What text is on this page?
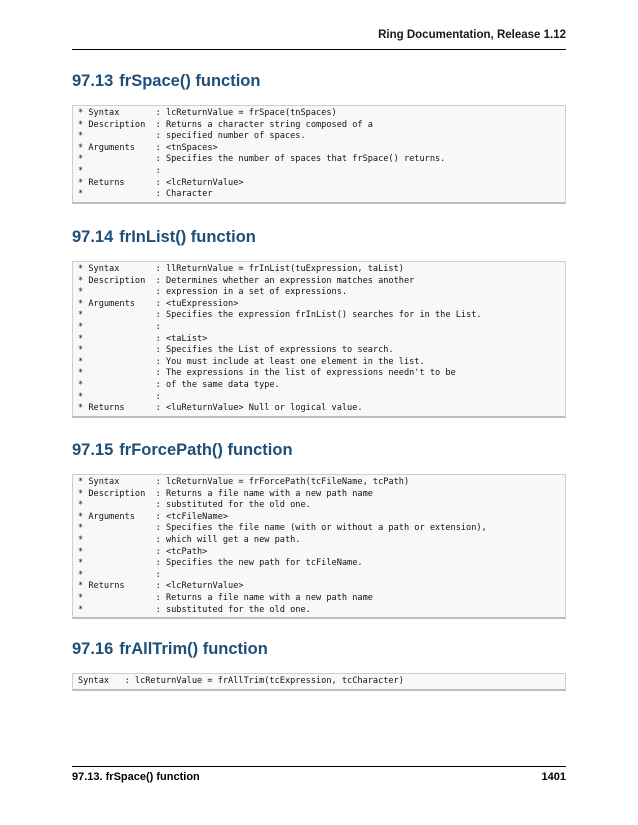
Ring Documentation, Release 1.12
97.13 frSpace() function
* Syntax       : lcReturnValue = frSpace(tnSpaces)
* Description  : Returns a character string composed of a
*              : specified number of spaces.
* Arguments    : <tnSpaces>
*              : Specifies the number of spaces that frSpace() returns.
*              :
* Returns      : <lcReturnValue>
*              : Character
97.14 frInList() function
* Syntax       : llReturnValue = frInList(tuExpression, taList)
* Description  : Determines whether an expression matches another
*              : expression in a set of expressions.
* Arguments    : <tuExpression>
*              : Specifies the expression frInList() searches for in the List.
*              :
*              : <taList>
*              : Specifies the List of expressions to search.
*              : You must include at least one element in the list.
*              : The expressions in the list of expressions needn't to be
*              : of the same data type.
*              :
* Returns      : <luReturnValue> Null or logical value.
97.15 frForcePath() function
* Syntax       : lcReturnValue = frForcePath(tcFileName, tcPath)
* Description  : Returns a file name with a new path name
*              : substituted for the old one.
* Arguments    : <tcFileName>
*              : Specifies the file name (with or without a path or extension),
*              : which will get a new path.
*              : <tcPath>
*              : Specifies the new path for tcFileName.
*              :
* Returns      : <lcReturnValue>
*              : Returns a file name with a new path name
*              : substituted for the old one.
97.16 frAllTrim() function
Syntax   : lcReturnValue = frAllTrim(tcExpression, tcCharacter)
97.13. frSpace() function	1401
